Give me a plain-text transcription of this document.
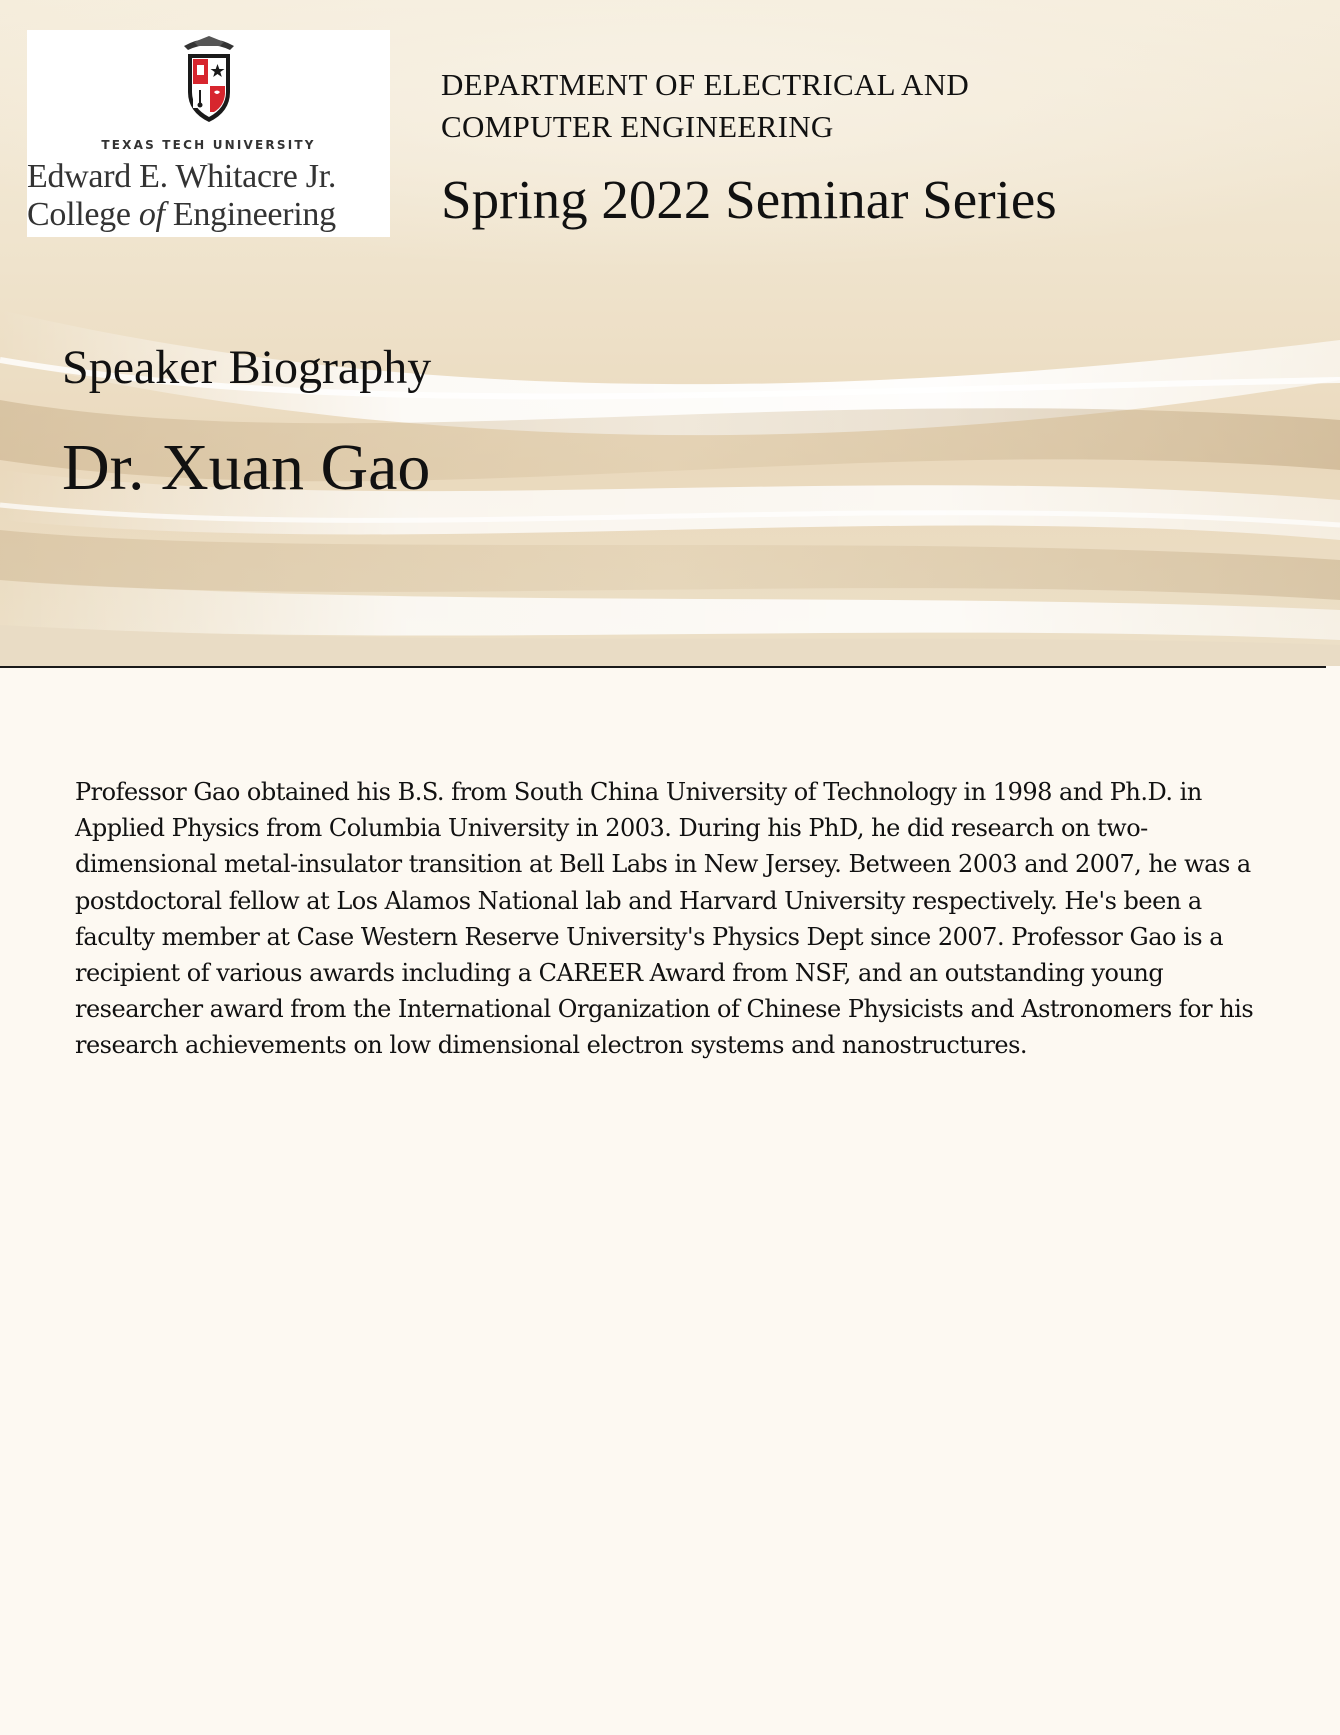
TEXAS TECH UNIVERSITY
Edward E. Whitacre Jr.
College of Engineering
DEPARTMENT OF ELECTRICAL AND
COMPUTER ENGINEERING
Spring 2022 Seminar Series
Speaker Biography
Dr. Xuan Gao
Professor Gao obtained his B.S. from South China University of Technology in 1998 and Ph.D. in Applied Physics from Columbia University in 2003. During his PhD, he did research on two-dimensional metal-insulator transition at Bell Labs in New Jersey. Between 2003 and 2007, he was a postdoctoral fellow at Los Alamos National lab and Harvard University respectively. He's been a faculty member at Case Western Reserve University's Physics Dept since 2007. Professor Gao is a recipient of various awards including a CAREER Award from NSF, and an outstanding young researcher award from the International Organization of Chinese Physicists and Astronomers for his research achievements on low dimensional electron systems and nanostructures.
